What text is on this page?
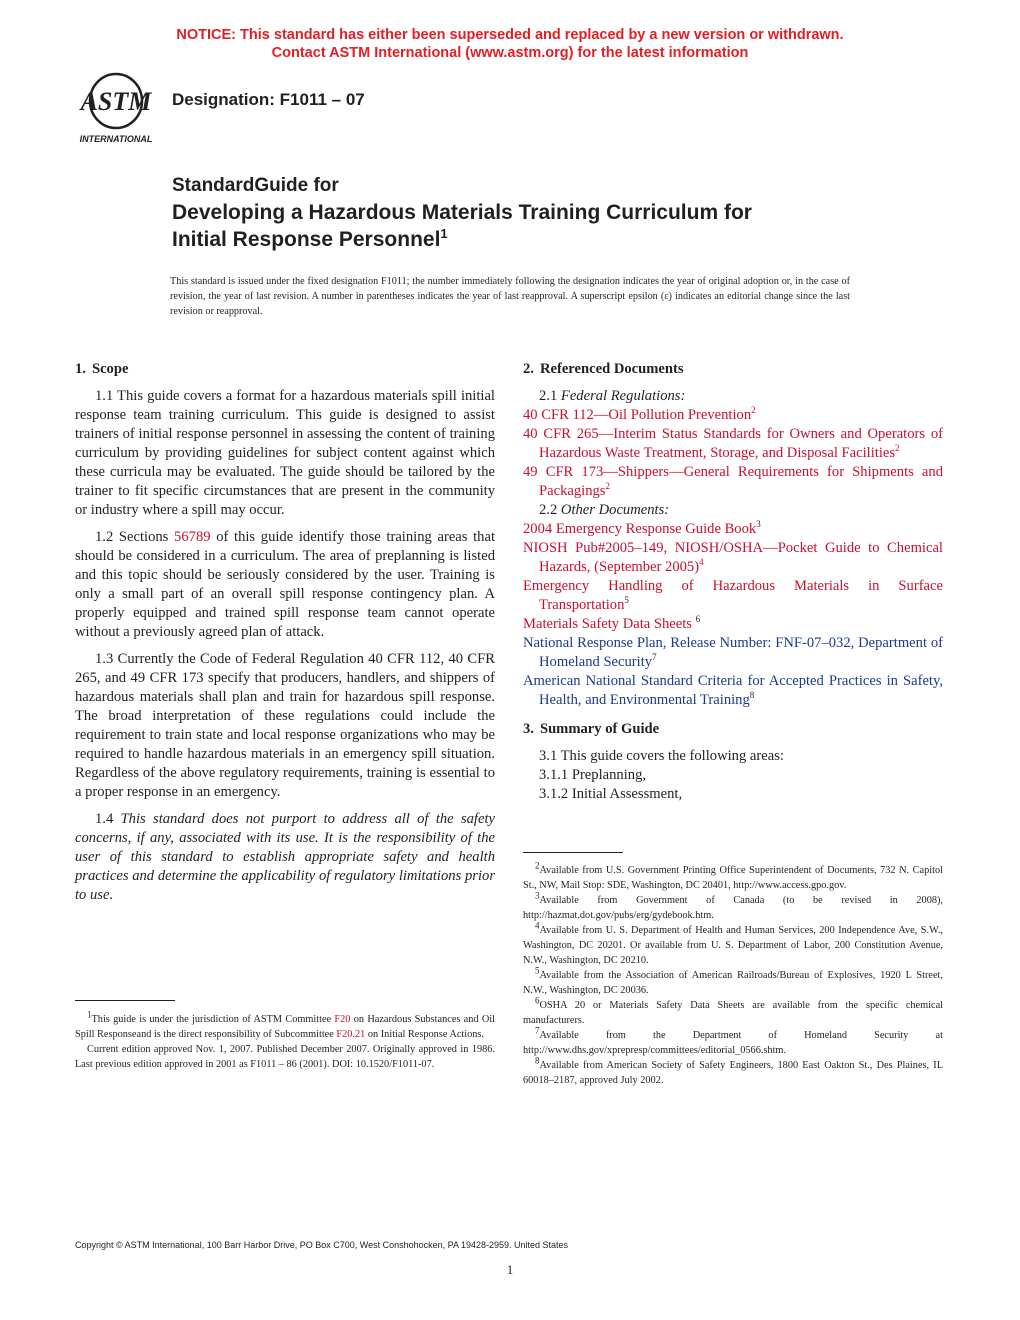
NOTICE: This standard has either been superseded and replaced by a new version or withdrawn.
Contact ASTM International (www.astm.org) for the latest information
ASTM
INTERNATIONAL
Designation: F1011 – 07
StandardGuide for
Developing a Hazardous Materials Training Curriculum for
Initial Response Personnel$^1$
This standard is issued under the fixed designation F1011; the number immediately following the designation indicates the year of original adoption or, in the case of revision, the year of last revision. A number in parentheses indicates the year of last reapproval. A superscript epsilon (ε) indicates an editorial change since the last revision or reapproval.
1. Scope

1.1 This guide covers a format for a hazardous materials spill initial response team training curriculum. This guide is designed to assist trainers of initial response personnel in assessing the content of training curriculum by providing guidelines for subject content against which these curricula may be evaluated. The guide should be tailored by the trainer to fit specific circumstances that are present in the community or industry where a spill may occur.

1.2 Sections 56789 of this guide identify those training areas that should be considered in a curriculum. The area of preplanning is listed and this topic should be seriously considered by the user. Training is only a small part of an overall spill response contingency plan. A properly equipped and trained spill response team cannot operate without a previously agreed plan of attack.

1.3 Currently the Code of Federal Regulation 40 CFR 112, 40 CFR 265, and 49 CFR 173 specify that producers, handlers, and shippers of hazardous materials shall plan and train for hazardous spill response. The broad interpretation of these regulations could include the requirement to train state and local response organizations who may be required to handle hazardous materials in an emergency spill situation. Regardless of the above regulatory requirements, training is essential to a proper response in an emergency.

1.4 This standard does not purport to address all of the safety concerns, if any, associated with its use. It is the responsibility of the user of this standard to establish appropriate safety and health practices and determine the applicability of regulatory limitations prior to use.

$^1$This guide is under the jurisdiction of ASTM Committee F20 on Hazardous Substances and Oil Spill Responseand is the direct responsibility of Subcommittee F20.21 on Initial Response Actions.

Current edition approved Nov. 1, 2007. Published December 2007. Originally approved in 1986. Last previous edition approved in 2001 as F1011 – 86 (2001). DOI: 10.1520/F1011-07.

2. Referenced Documents
2.1 Federal Regulations:
40 CFR 112—Oil Pollution Prevention$^2$
40 CFR 265—Interim Status Standards for Owners and Operators of Hazardous Waste Treatment, Storage, and Disposal Facilities$^2$
49 CFR 173—Shippers—General Requirements for Shipments and Packagings$^2$
2.2 Other Documents:
2004 Emergency Response Guide Book$^3$
NIOSH Pub#2005–149, NIOSH/OSHA—Pocket Guide to Chemical Hazards, (September 2005)$^4$
Emergency Handling of Hazardous Materials in Surface Transportation$^5$
Materials Safety Data Sheets $^6$
National Response Plan, Release Number: FNF-07–032, Department of Homeland Security$^7$
American National Standard Criteria for Accepted Practices in Safety, Health, and Environmental Training$^8$
3. Summary of Guide
3.1 This guide covers the following areas:
3.1.1 Preplanning,
3.1.2 Initial Assessment,

$^2$Available from U.S. Government Printing Office Superintendent of Documents, 732 N. Capitol St., NW, Mail Stop: SDE, Washington, DC 20401, http://www.access.gpo.gov.

$^3$Available from Government of Canada (to be revised in 2008), http://hazmat.dot.gov/pubs/erg/gydebook.htm.

$^4$Available from U. S. Department of Health and Human Services, 200 Independence Ave, S.W., Washington, DC 20201. Or available from U. S. Department of Labor, 200 Constitution Avenue, N.W., Washington, DC 20210.

$^5$Available from the Association of American Railroads/Bureau of Explosives, 1920 L Street, N.W., Washington, DC 20036.

$^6$OSHA 20 or Materials Safety Data Sheets are available from the specific chemical manufacturers.

$^7$Available from the Department of Homeland Security at http://www.dhs.gov/xprepresp/committees/editorial_0566.shtm.

$^8$Available from American Society of Safety Engineers, 1800 East Oakton St., Des Plaines, IL 60018–2187, approved July 2002.

Copyright © ASTM International, 100 Barr Harbor Drive, PO Box C700, West Conshohocken, PA 19428-2959. United States
1
